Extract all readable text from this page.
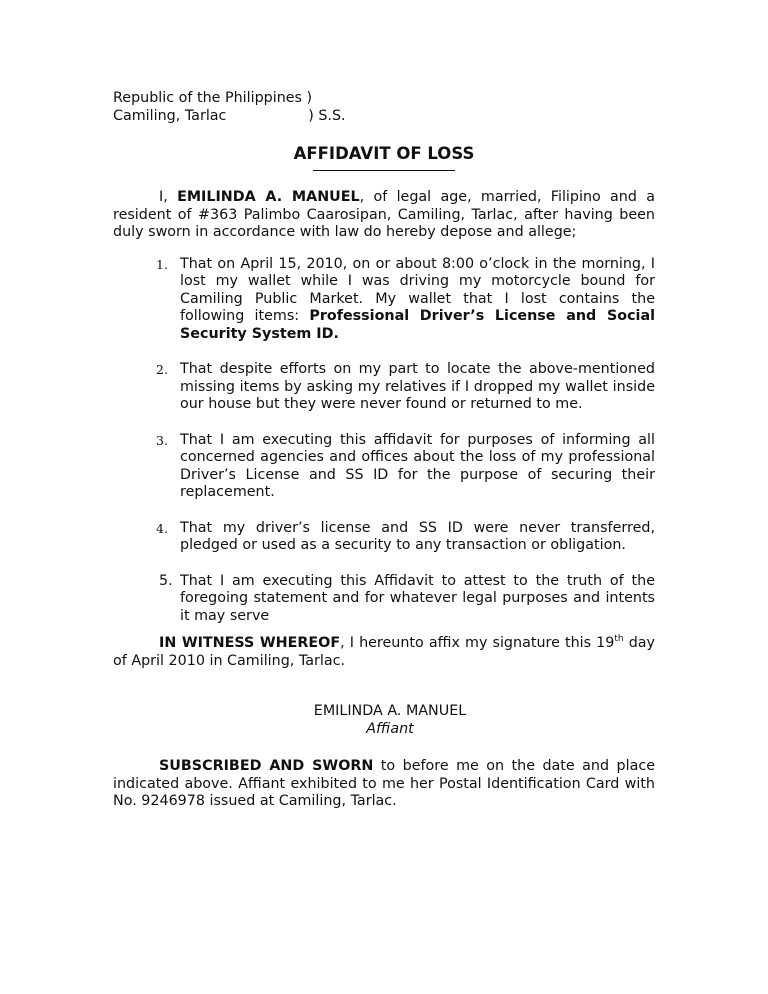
Republic of the Philippines )
Camiling, Tarlac                  ) S.S.
AFFIDAVIT OF LOSS

I, EMILINDA A. MANUEL, of legal age, married, Filipino and a resident of #363 Palimbo Caarosipan, Camiling, Tarlac, after having been duly sworn in accordance with law do hereby depose and allege;

1. That on April 15, 2010, on or about 8:00 o’clock in the morning, I lost my wallet while I was driving my motorcycle bound for Camiling Public Market. My wallet that I lost contains the following items: Professional Driver’s License and Social Security System ID.
2. That despite efforts on my part to locate the above-mentioned missing items by asking my relatives if I dropped my wallet inside our house but they were never found or returned to me.
3. That I am executing this affidavit for purposes of informing all concerned agencies and offices about the loss of my professional Driver’s License and SS ID for the purpose of securing their replacement.
4. That my driver’s license and SS ID were never transferred, pledged or used as a security to any transaction or obligation.
5. That I am executing this Affidavit to attest to the truth of the foregoing statement and for whatever legal purposes and intents it may serve

IN WITNESS WHEREOF, I hereunto affix my signature this 19th day of April 2010 in Camiling, Tarlac.

EMILINDA A. MANUEL
Affiant

SUBSCRIBED AND SWORN to before me on the date and place indicated above. Affiant exhibited to me her Postal Identification Card with No. 9246978 issued at Camiling, Tarlac.
